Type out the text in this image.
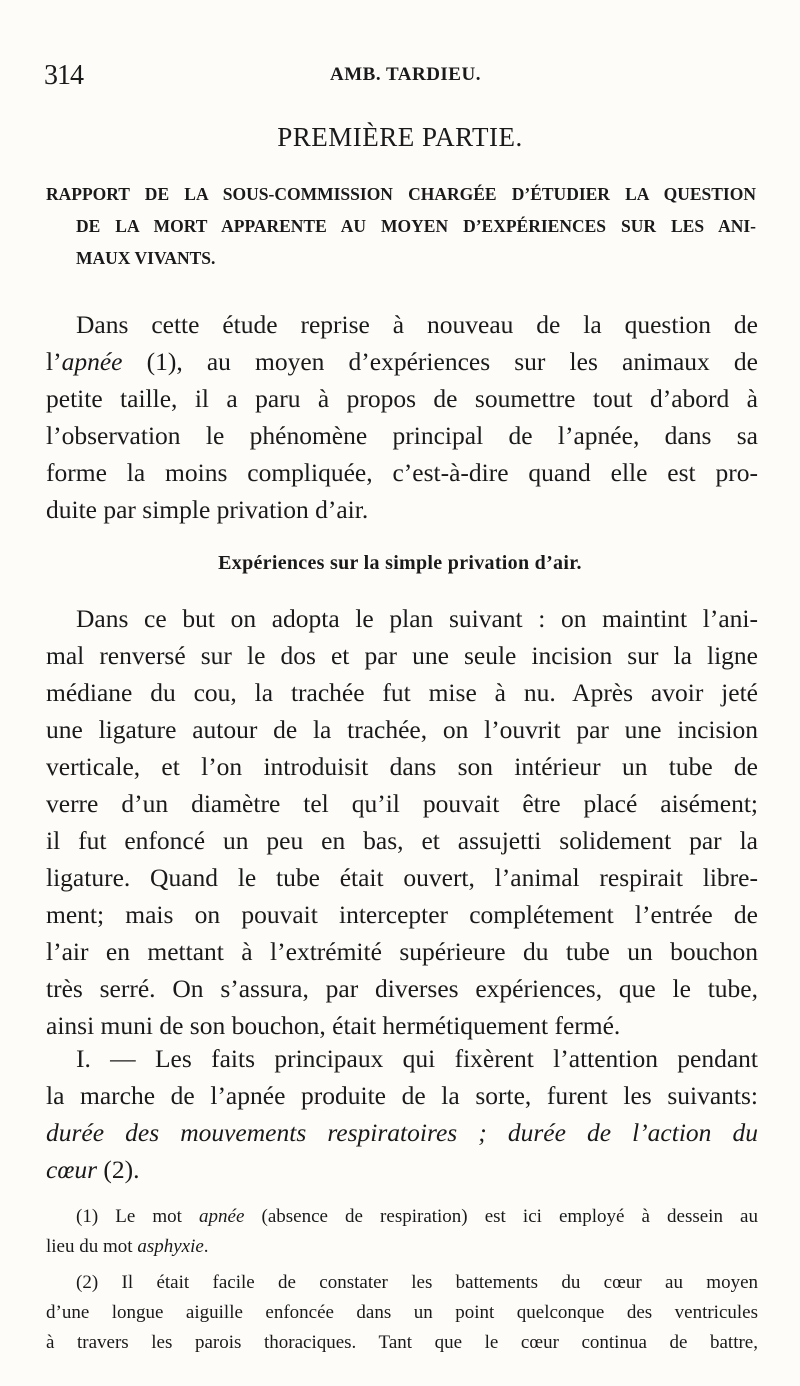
314	AMB. TARDIEU.
PREMIÈRE PARTIE.
RAPPORT DE LA SOUS-COMMISSION CHARGÉE D’ÉTUDIER LA QUESTION
DE LA MORT APPARENTE AU MOYEN D’EXPÉRIENCES SUR LES ANI-
MAUX VIVANTS.
Dans cette étude reprise à nouveau de la question de
l’apnée (1), au moyen d’expériences sur les animaux de
petite taille, il a paru à propos de soumettre tout d’abord à
l’observation le phénomène principal de l’apnée, dans sa
forme la moins compliquée, c’est-à-dire quand elle est pro-
duite par simple privation d’air.
Expériences sur la simple privation d’air.
Dans ce but on adopta le plan suivant : on maintint l’ani-
mal renversé sur le dos et par une seule incision sur la ligne
médiane du cou, la trachée fut mise à nu. Après avoir jeté
une ligature autour de la trachée, on l’ouvrit par une incision
verticale, et l’on introduisit dans son intérieur un tube de
verre d’un diamètre tel qu’il pouvait être placé aisément;
il fut enfoncé un peu en bas, et assujetti solidement par la
ligature. Quand le tube était ouvert, l’animal respirait libre-
ment; mais on pouvait intercepter complétement l’entrée de
l’air en mettant à l’extrémité supérieure du tube un bouchon
très serré. On s’assura, par diverses expériences, que le tube,
ainsi muni de son bouchon, était hermétiquement fermé.
I. — Les faits principaux qui fixèrent l’attention pendant
la marche de l’apnée produite de la sorte, furent les suivants:
durée des mouvements respiratoires ; durée de l’action du
cœur (2).
(1) Le mot apnée (absence de respiration) est ici employé à dessein au
lieu du mot asphyxie.
(2) Il était facile de constater les battements du cœur au moyen
d’une longue aiguille enfoncée dans un point quelconque des ventricules
à travers les parois thoraciques. Tant que le cœur continua de battre,
